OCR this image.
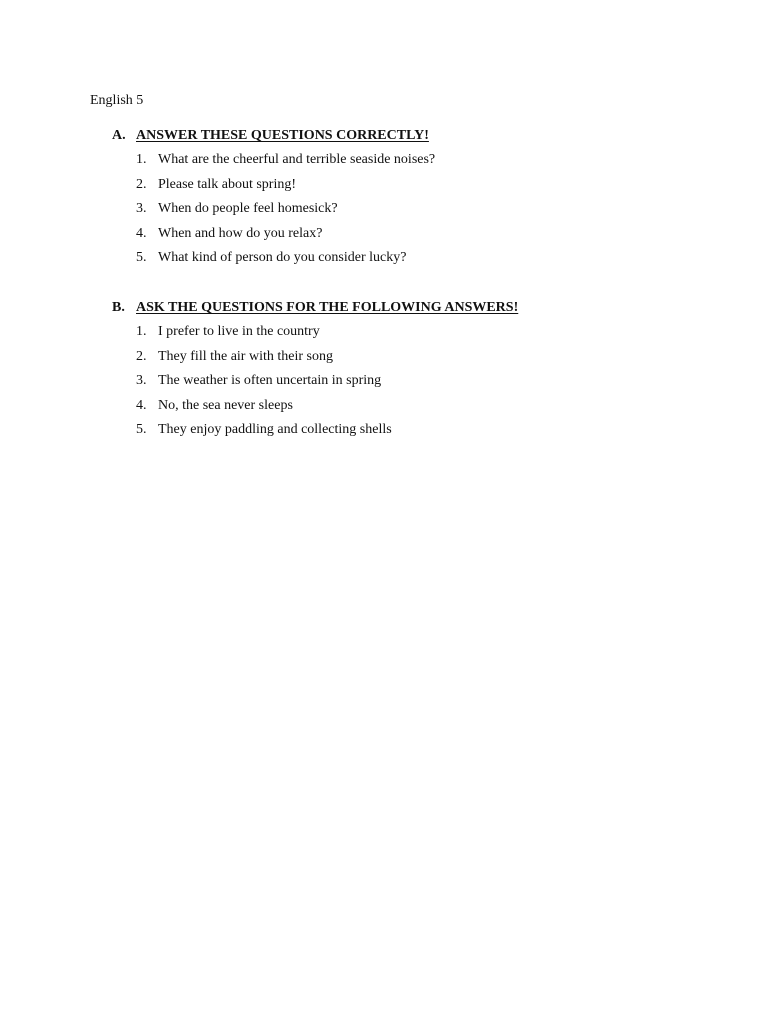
English 5
A. ANSWER THESE QUESTIONS CORRECTLY!
1. What are the cheerful and terrible seaside noises?
2. Please talk about spring!
3. When do people feel homesick?
4. When and how do you relax?
5. What kind of person do you consider lucky?
B. ASK THE QUESTIONS FOR THE FOLLOWING ANSWERS!
1. I prefer to live in the country
2. They fill the air with their song
3. The weather is often uncertain in spring
4. No, the sea never sleeps
5. They enjoy paddling and collecting shells
